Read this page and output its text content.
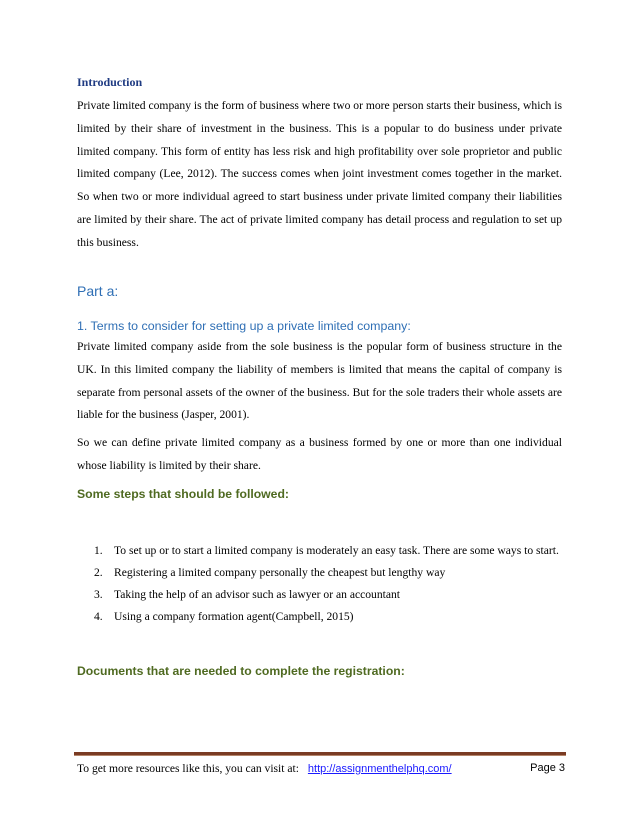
Introduction
Private limited company is the form of business where two or more person starts their business, which is limited by their share of investment in the business. This is a popular to do business under private limited company. This form of entity has less risk and high profitability over sole proprietor and public limited company (Lee, 2012). The success comes when joint investment comes together in the market. So when two or more individual agreed to start business under private limited company their liabilities are limited by their share. The act of private limited company has detail process and regulation to set up this business.
Part a:
1. Terms to consider for setting up a private limited company:
Private limited company aside from the sole business is the popular form of business structure in the UK. In this limited company the liability of members is limited that means the capital of company is separate from personal assets of the owner of the business. But for the sole traders their whole assets are liable for the business (Jasper, 2001).
So we can define private limited company as a business formed by one or more than one individual whose liability is limited by their share.
Some steps that should be followed:
1. To set up or to start a limited company is moderately an easy task. There are some ways to start.
2. Registering a limited company personally the cheapest but lengthy way
3. Taking the help of an advisor such as lawyer or an accountant
4. Using a company formation agent(Campbell, 2015)
Documents that are needed to complete the registration:
To get more resources like this, you can visit at: http://assignmenthelphq.com/	Page 3
